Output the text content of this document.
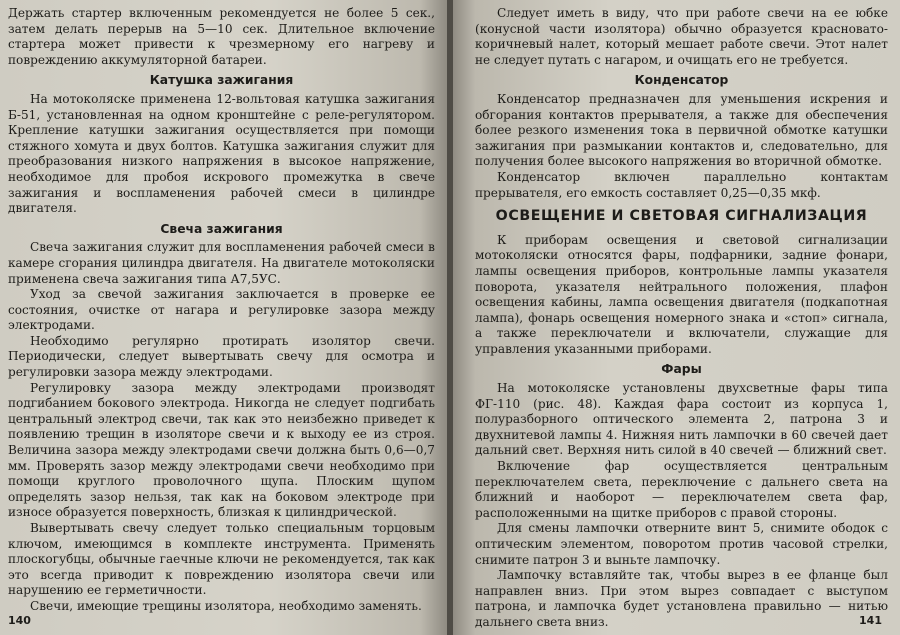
Держать стартер включенным рекомендуется не более 5 сек., затем делать перерыв на 5—10 сек. Длительное включение стартера может привести к чрезмерному его нагреву и повреждению аккумуляторной батареи.

Катушка зажигания

На мотоколяске применена 12-вольтовая катушка зажигания Б-51, установленная на одном кронштейне с реле-регулятором. Крепление катушки зажигания осуществляется при помощи стяжного хомута и двух болтов. Катушка зажигания служит для преобразования низкого напряжения в высокое напряжение, необходимое для пробоя искрового промежутка в свече зажигания и воспламенения рабочей смеси в цилиндре двигателя.

Свеча зажигания

Свеча зажигания служит для воспламенения рабочей смеси в камере сгорания цилиндра двигателя. На двигателе мотоколяски применена свеча зажигания типа А7,5УС.

Уход за свечой зажигания заключается в проверке ее состояния, очистке от нагара и регулировке зазора между электродами.

Необходимо регулярно протирать изолятор свечи. Периодически, следует вывертывать свечу для осмотра и регулировки зазора между электродами.

Регулировку зазора между электродами производят подгибанием бокового электрода. Никогда не следует подгибать центральный электрод свечи, так как это неизбежно приведет к появлению трещин в изоляторе свечи и к выходу ее из строя. Величина зазора между электродами свечи должна быть 0,6—0,7 мм. Проверять зазор между электродами свечи необходимо при помощи круглого проволочного щупа. Плоским щупом определять зазор нельзя, так как на боковом электроде при износе образуется поверхность, близкая к цилиндрической.

Вывертывать свечу следует только специальным торцовым ключом, имеющимся в комплекте инструмента. Применять плоскогубцы, обычные гаечные ключи не рекомендуется, так как это всегда приводит к повреждению изолятора свечи или нарушению ее герметичности.

Свечи, имеющие трещины изолятора, необходимо заменять.

140

Следует иметь в виду, что при работе свечи на ее юбке (конусной части изолятора) обычно образуется красновато-коричневый налет, который мешает работе свечи. Этот налет не следует путать с нагаром, и очищать его не требуется.

Конденсатор

Конденсатор предназначен для уменьшения искрения и обгорания контактов прерывателя, а также для обеспечения более резкого изменения тока в первичной обмотке катушки зажигания при размыкании контактов и, следовательно, для получения более высокого напряжения во вторичной обмотке.

Конденсатор включен параллельно контактам прерывателя, его емкость составляет 0,25—0,35 мкф.

ОСВЕЩЕНИЕ И СВЕТОВАЯ СИГНАЛИЗАЦИЯ

К приборам освещения и световой сигнализации мотоколяски относятся фары, подфарники, задние фонари, лампы освещения приборов, контрольные лампы указателя поворота, указателя нейтрального положения, плафон освещения кабины, лампа освещения двигателя (подкапотная лампа), фонарь освещения номерного знака и «стоп» сигнала, а также переключатели и включатели, служащие для управления указанными приборами.

Фары

На мотоколяске установлены двухсветные фары типа ФГ-110 (рис. 48). Каждая фара состоит из корпуса 1, полуразборного оптического элемента 2, патрона 3 и двухнитевой лампы 4. Нижняя нить лампочки в 60 свечей дает дальний свет. Верхняя нить силой в 40 свечей — ближний свет.

Включение фар осуществляется центральным переключателем света, переключение с дальнего света на ближний и наоборот — переключателем света фар, расположенными на щитке приборов с правой стороны.

Для смены лампочки отверните винт 5, снимите ободок с оптическим элементом, поворотом против часовой стрелки, снимите патрон 3 и выньте лампочку.

Лампочку вставляйте так, чтобы вырез в ее фланце был направлен вниз. При этом вырез совпадает с выступом патрона, и лампочка будет установлена правильно — нитью дальнего света вниз.	141
